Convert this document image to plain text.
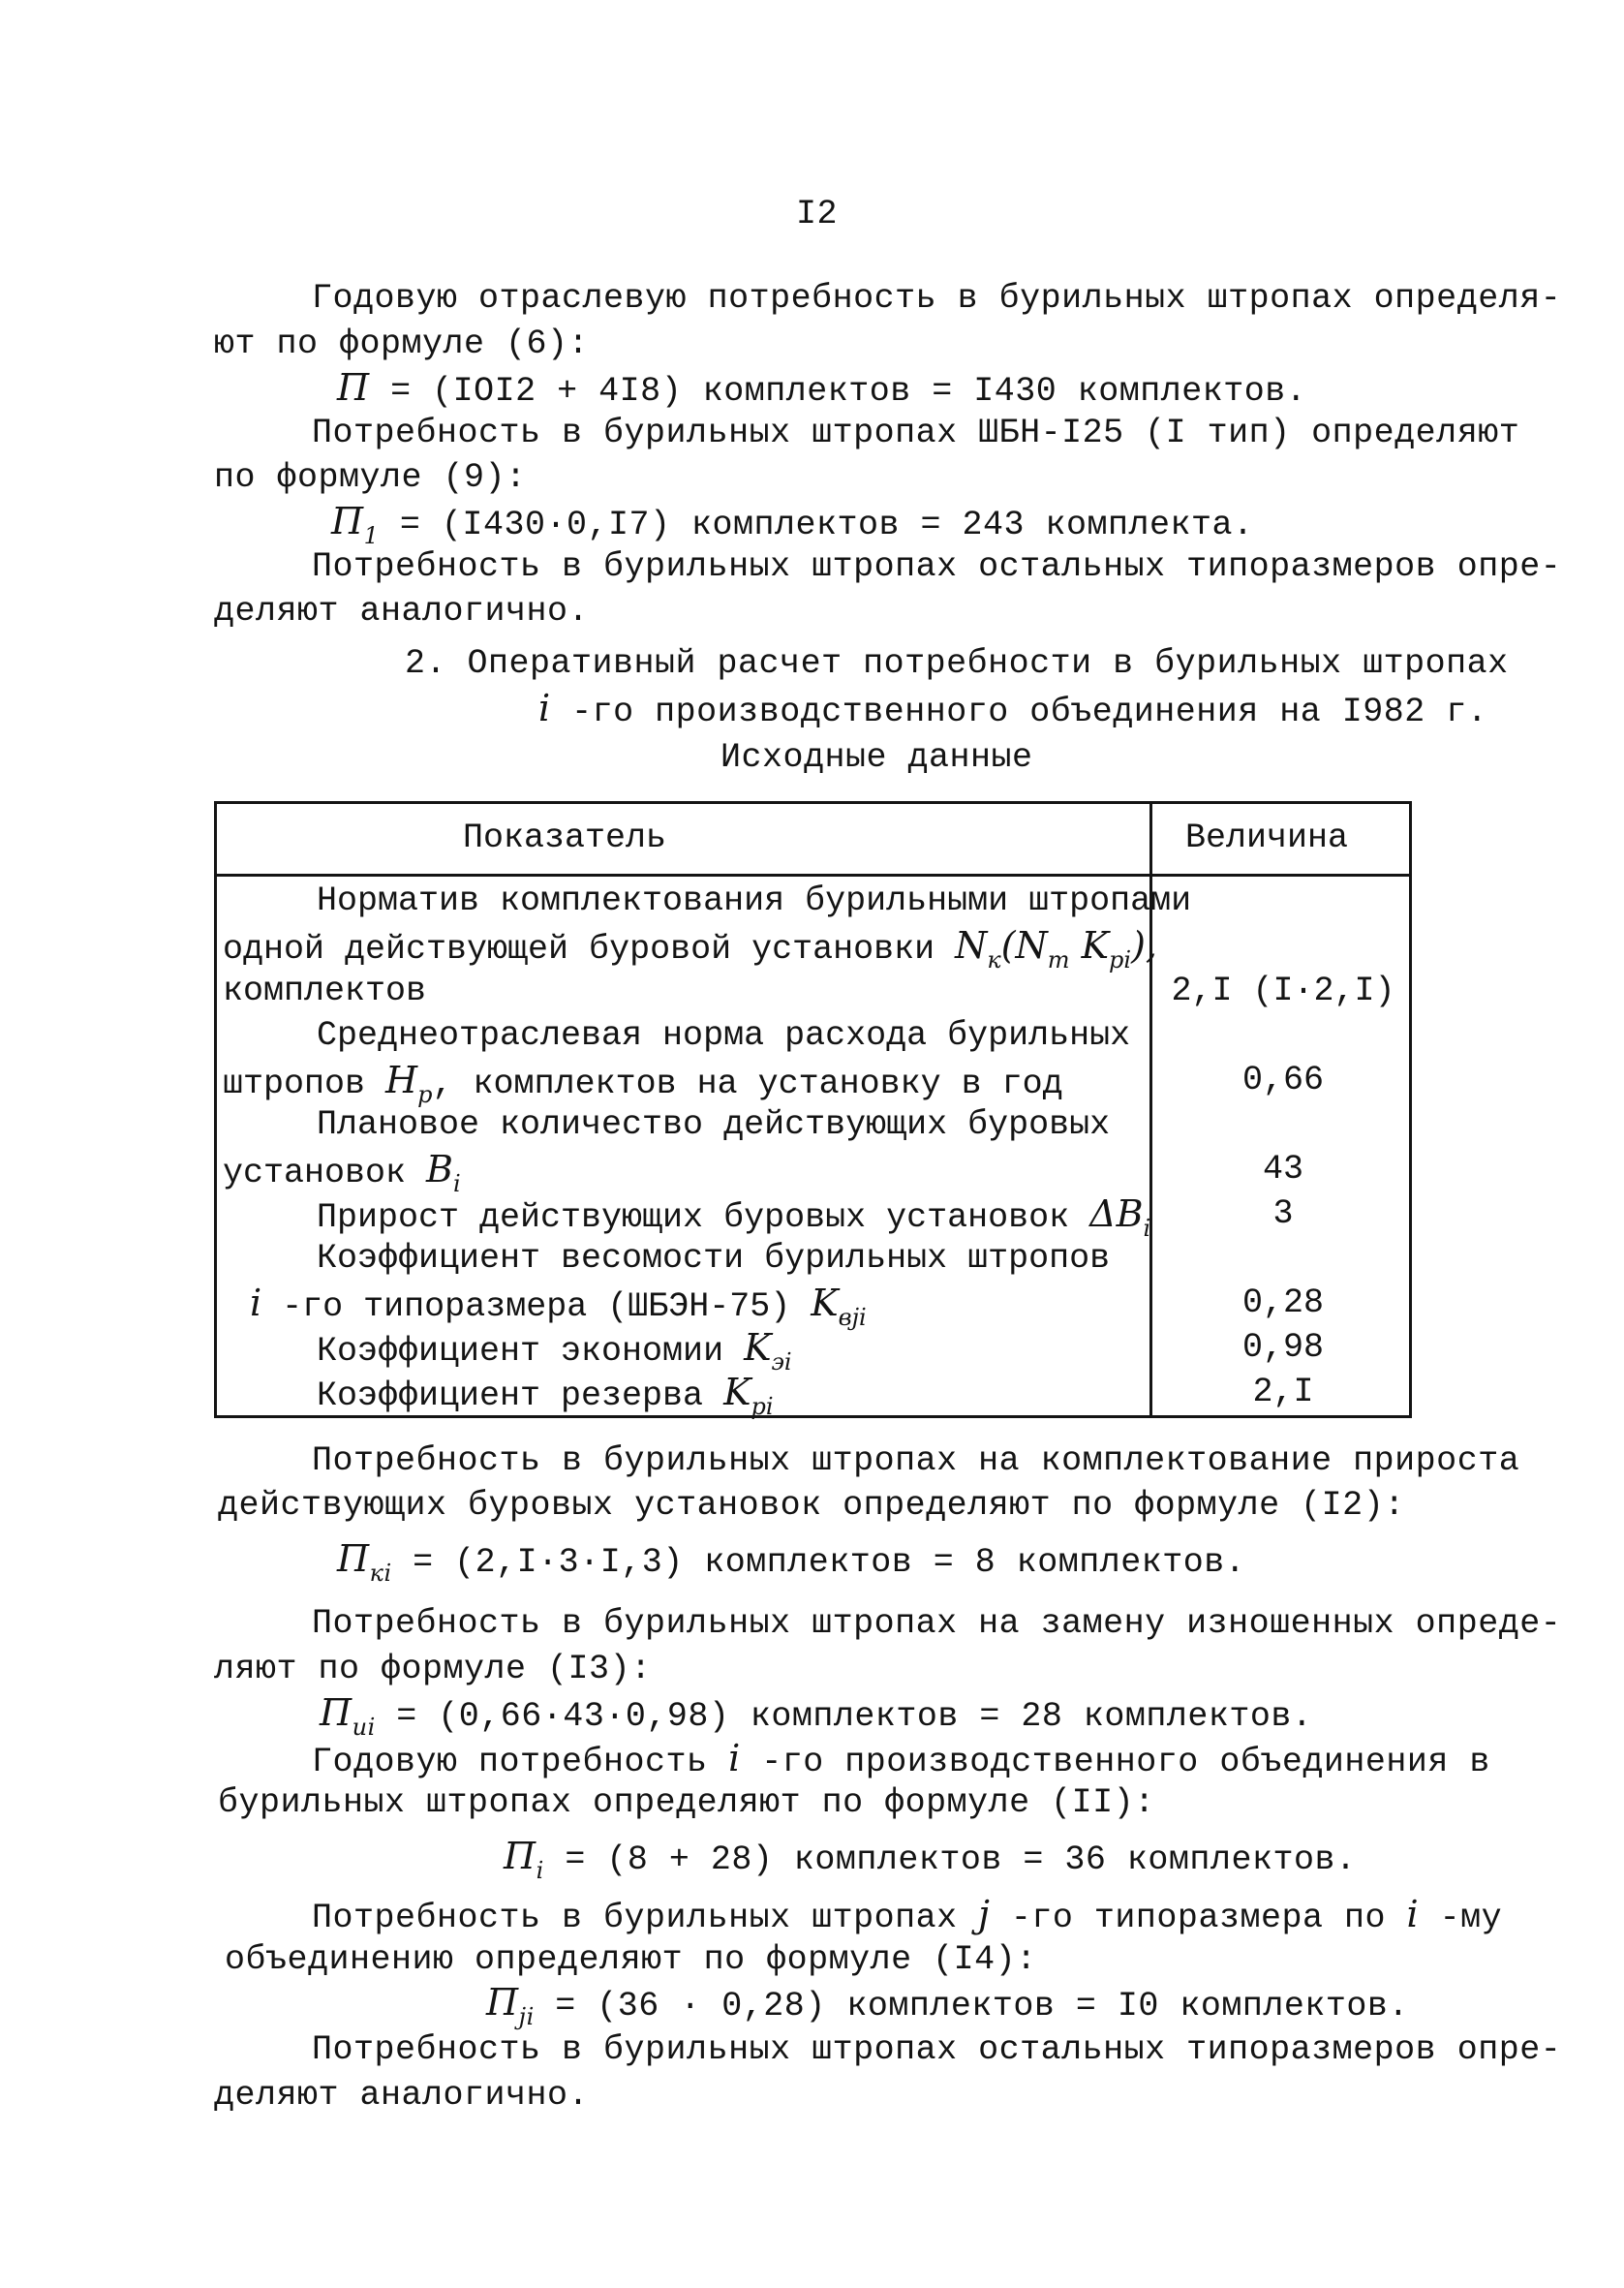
I2
Годовую отраслевую потребность в бурильных штропах определя-
ют по формуле (6):
П = (IOI2 + 4I8) комплектов = I430 комплектов.
Потребность в бурильных штропах ШБН-I25 (I тип) определяют
по формуле (9):
$П_1 = (I430\cdot 0,I7)$ комплектов = 243 комплекта.
Потребность в бурильных штропах остальных типоразмеров опре-
деляют аналогично.
2. Оперативный расчет потребности в бурильных штропах
i -го производственного объединения на I982 г.
Исходные данные
Показатель	Величина
Норматив комплектования бурильными штропами
одной действующей буровой установки $N_к(N_т$ $K_{pi}$),
комплектов	2,I (I·2,I)
Среднеотраслевая норма расхода бурильных
штропов $H_p$, комплектов на установку в год	0,66
Плановое количество действующих буровых
установок $B_i$	43
Прирост действующих буровых установок $\Delta B_i$	3
Коэффициент весомости бурильных штропов
i -го типоразмера (ШБЭН-75) $K_{вji}$	0,28
Коэффициент экономии $K_{эi}$	0,98
Коэффициент резерва $K_{pi}$	2,I
Потребность в бурильных штропах на комплектование прироста
действующих буровых установок определяют по формуле (I2):
$П_{кi} = (2,I\cdot 3\cdot I,3)$ комплектов = 8 комплектов.
Потребность в бурильных штропах на замену изношенных опреде-
ляют по формуле (I3):
$П_{иi} = (0,66\cdot 43\cdot 0,98)$ комплектов = 28 комплектов.
Годовую потребность i -го производственного объединения в
бурильных штропах определяют по формуле (II):
$П_i = (8 + 28)$ комплектов = 36 комплектов.
Потребность в бурильных штропах j -го типоразмера по i -му
объединению определяют по формуле (I4):
$П_{ji} = (36 \cdot 0,28)$ комплектов = I0 комплектов.
Потребность в бурильных штропах остальных типоразмеров опре-
деляют аналогично.
